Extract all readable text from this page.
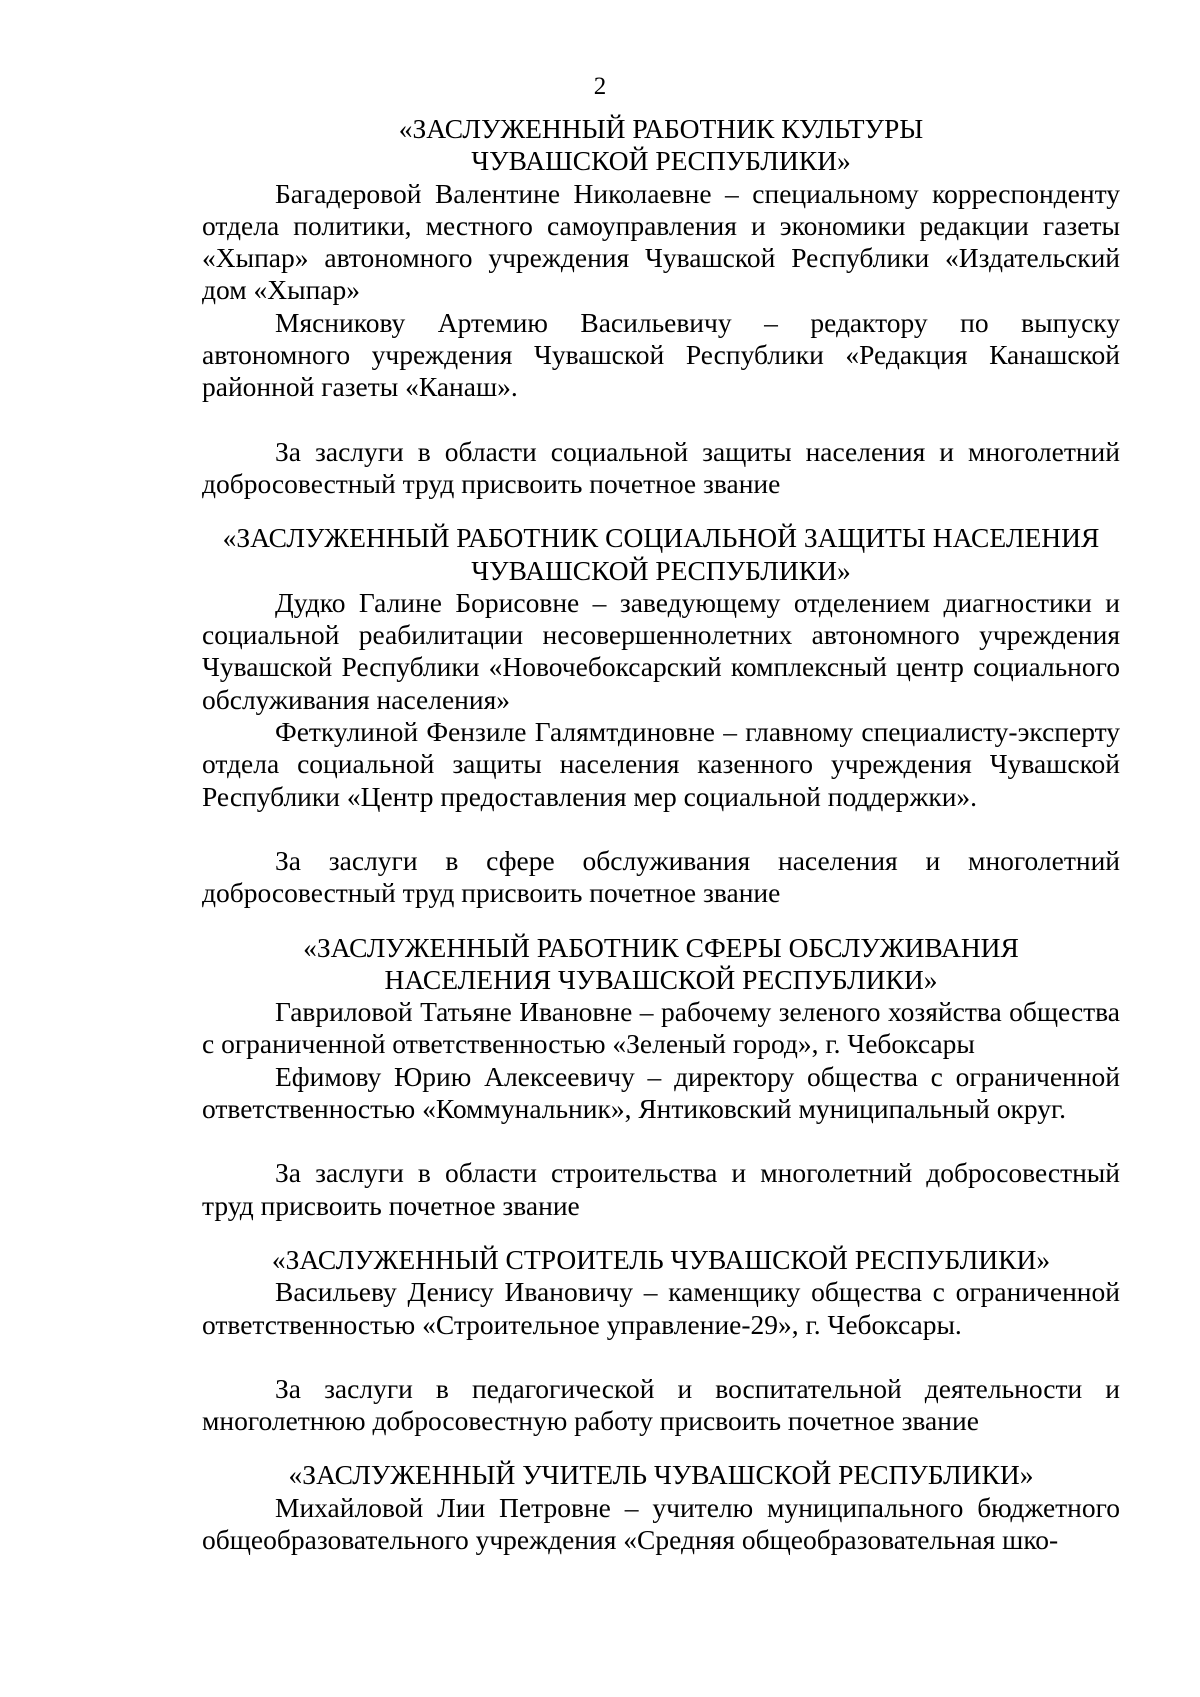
2
«ЗАСЛУЖЕННЫЙ РАБОТНИК КУЛЬТУРЫ
ЧУВАШСКОЙ РЕСПУБЛИКИ»

Багадеровой Валентине Николаевне – специальному корреспонденту отдела политики, местного самоуправления и экономики редакции газеты «Хыпар» автономного учреждения Чувашской Республики «Издательский дом «Хыпар»

Мясникову Артемию Васильевичу – редактору по выпуску автономного учреждения Чувашской Республики «Редакция Канашской районной газеты «Канаш».

За заслуги в области социальной защиты населения и многолетний добросовестный труд присвоить почетное звание

«ЗАСЛУЖЕННЫЙ РАБОТНИК СОЦИАЛЬНОЙ ЗАЩИТЫ НАСЕЛЕНИЯ
ЧУВАШСКОЙ РЕСПУБЛИКИ»

Дудко Галине Борисовне – заведующему отделением диагностики и социальной реабилитации несовершеннолетних автономного учреждения Чувашской Республики «Новочебоксарский комплексный центр социального обслуживания населения»

Феткулиной Фензиле Галямтдиновне – главному специалисту-эксперту отдела социальной защиты населения казенного учреждения Чувашской Республики «Центр предоставления мер социальной поддержки».

За заслуги в сфере обслуживания населения и многолетний добросовестный труд присвоить почетное звание

«ЗАСЛУЖЕННЫЙ РАБОТНИК СФЕРЫ ОБСЛУЖИВАНИЯ
НАСЕЛЕНИЯ ЧУВАШСКОЙ РЕСПУБЛИКИ»

Гавриловой Татьяне Ивановне – рабочему зеленого хозяйства общества с ограниченной ответственностью «Зеленый город», г. Чебоксары

Ефимову Юрию Алексеевичу – директору общества с ограниченной ответственностью «Коммунальник», Янтиковский муниципальный округ.

За заслуги в области строительства и многолетний добросовестный труд присвоить почетное звание

«ЗАСЛУЖЕННЫЙ СТРОИТЕЛЬ ЧУВАШСКОЙ РЕСПУБЛИКИ»

Васильеву Денису Ивановичу – каменщику общества с ограниченной ответственностью «Строительное управление-29», г. Чебоксары.

За заслуги в педагогической и воспитательной деятельности и многолетнюю добросовестную работу присвоить почетное звание

«ЗАСЛУЖЕННЫЙ УЧИТЕЛЬ ЧУВАШСКОЙ РЕСПУБЛИКИ»

Михайловой Лии Петровне – учителю муниципального бюджетного общеобразовательного учреждения «Средняя общеобразовательная шко-
